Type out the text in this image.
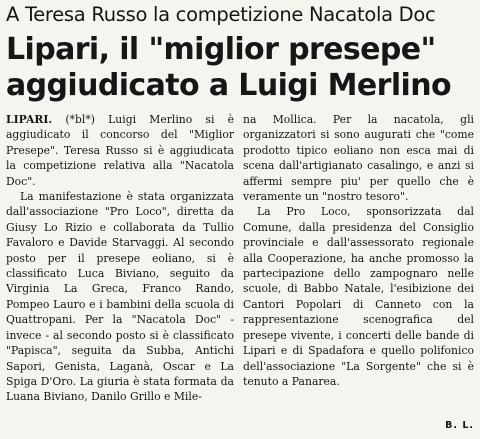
A Teresa Russo la competizione Nacatola Doc
Lipari, il "miglior presepe"
aggiudicato a Luigi Merlino

LIPARI. (*bl*) Luigi Merlino si è aggiudicato il concorso del "Miglior Presepe". Teresa Russo si è aggiudicata la competizione relativa alla "Nacatola Doc".

La manifestazione è stata organizzata dall'associazione "Pro Loco", diretta da Giusy Lo Rizio e collaborata da Tullio Favaloro e Davide Starvaggi. Al secondo posto per il presepe eoliano, si è classificato Luca Biviano, seguito da Virginia La Greca, Franco Rando, Pompeo Lauro e i bambini della scuola di Quattropani. Per la "Nacatola Doc" - invece - al secondo posto si è classificato "Papisca", seguita da Subba, Antichi Sapori, Genista, Laganà, Oscar e La Spiga D'Oro. La giuria è stata formata da Luana Biviano, Danilo Grillo e Mile-

na Mollica. Per la nacatola, gli organizzatori si sono augurati che "come prodotto tipico eoliano non esca mai di scena dall'artigianato casalingo, e anzi si affermi sempre piu' per quello che è veramente un "nostro tesoro".

La Pro Loco, sponsorizzata dal Comune, dalla presidenza del Consiglio provinciale e dall'assessorato regionale alla Cooperazione, ha anche promosso la partecipazione dello zampognaro nelle scuole, di Babbo Natale, l'esibizione dei Cantori Popolari di Canneto con la rappresentazione scenografica del presepe vivente, i concerti delle bande di Lipari e di Spadafora e quello polifonico dell'associazione "La Sorgente" che si è tenuto a Panarea.

B. L.
